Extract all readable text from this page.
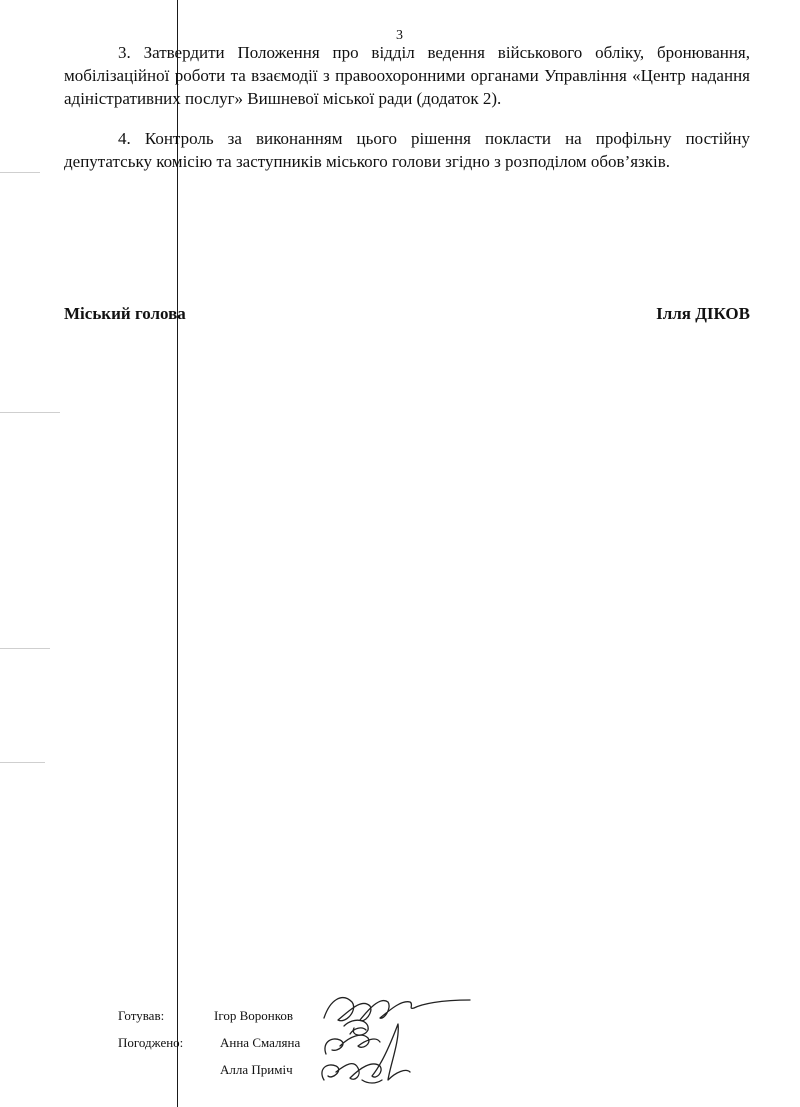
3
3. Затвердити Положення про відділ ведення військового обліку, бронювання, мобілізаційної роботи та взаємодії з правоохоронними органами Управління «Центр надання адіністративних послуг» Вишневої міської ради (додаток 2).
4. Контроль за виконанням цього рішення покласти на профільну постійну депутатську комісію та заступників міського голови згідно з розподілом обов’язків.
Міський голова	Ілля ДІКОВ
Готував:	Ігор Воронков
Погоджено:	Анна Смаляна
Алла Приміч
